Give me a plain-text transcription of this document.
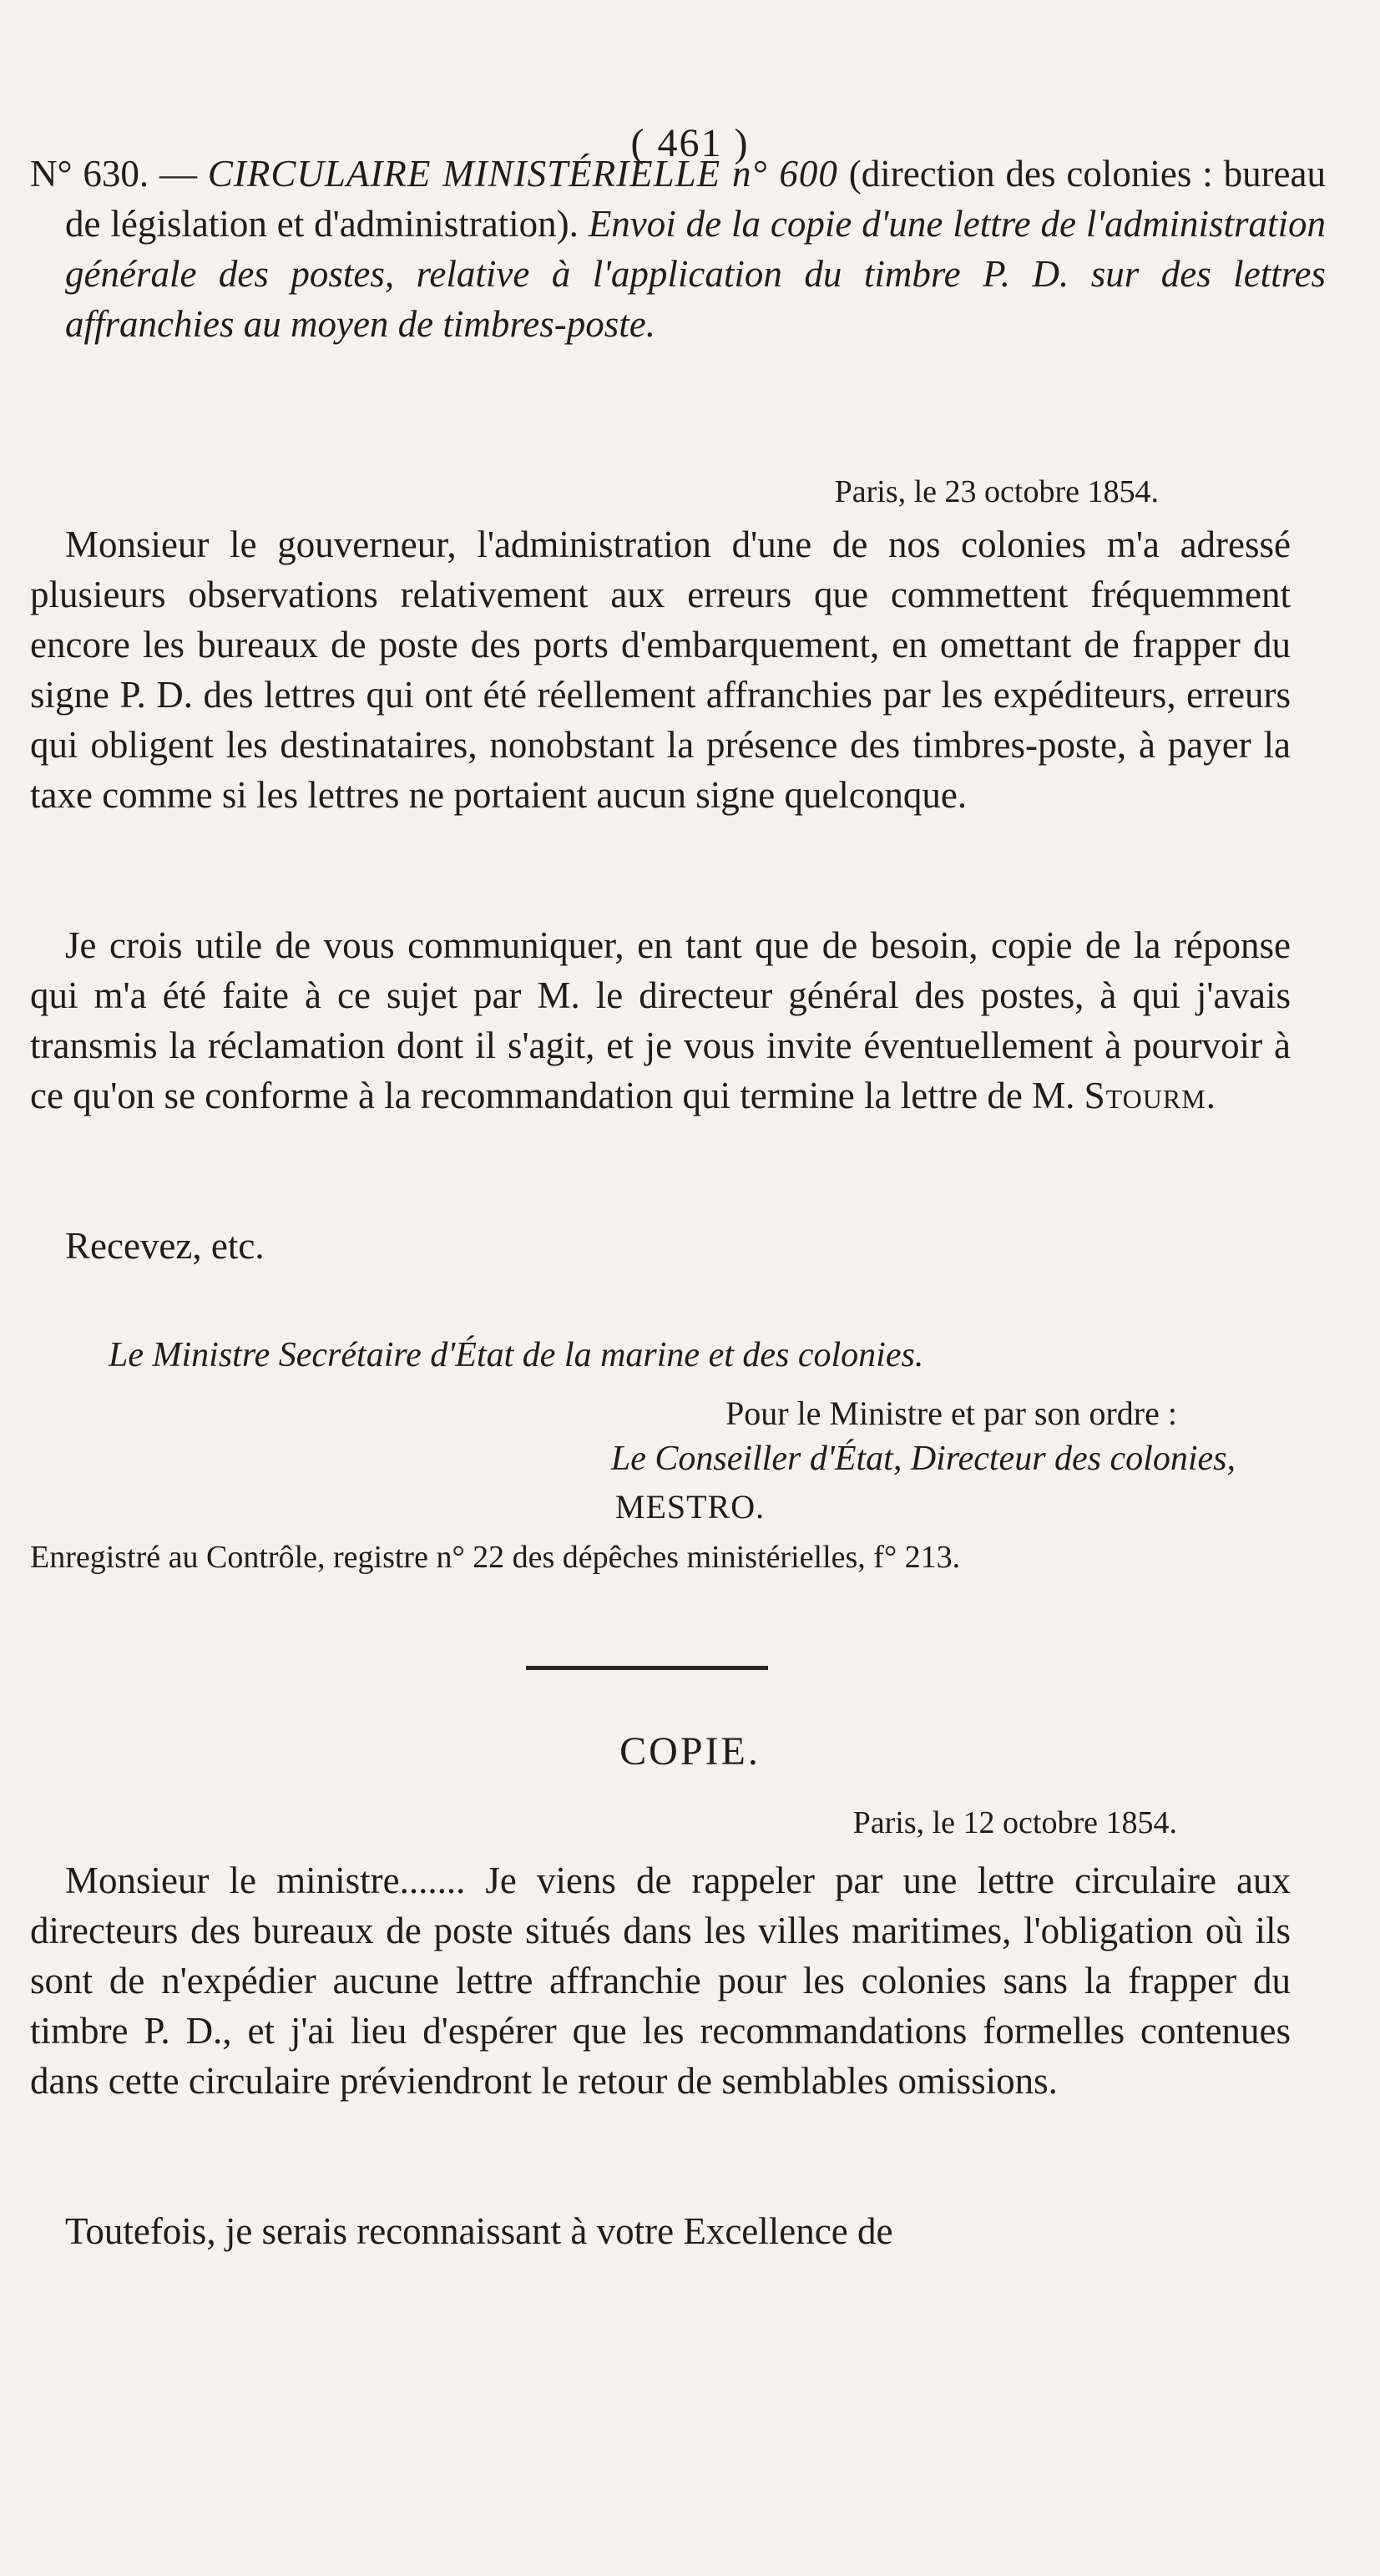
( 461 )
N° 630. — CIRCULAIRE MINISTÉRIELLE n° 600 (direction des colonies : bureau de législation et d'administration). Envoi de la copie d'une lettre de l'administration générale des postes, relative à l'application du timbre P. D. sur des lettres affranchies au moyen de timbres-poste.
Paris, le 23 octobre 1854.
Monsieur le gouverneur, l'administration d'une de nos colonies m'a adressé plusieurs observations relativement aux erreurs que commettent fréquemment encore les bureaux de poste des ports d'embarquement, en omettant de frapper du signe P. D. des lettres qui ont été réellement affranchies par les expéditeurs, erreurs qui obligent les destinataires, nonobstant la présence des timbres-poste, à payer la taxe comme si les lettres ne portaient aucun signe quelconque.
Je crois utile de vous communiquer, en tant que de besoin, copie de la réponse qui m'a été faite à ce sujet par M. le directeur général des postes, à qui j'avais transmis la réclamation dont il s'agit, et je vous invite éventuellement à pourvoir à ce qu'on se conforme à la recommandation qui termine la lettre de M. Stourm.
Recevez, etc.
Le Ministre Secrétaire d'État de la marine et des colonies.
Pour le Ministre et par son ordre :
Le Conseiller d'État, Directeur des colonies,
MESTRO.
Enregistré au Contrôle, registre n° 22 des dépêches ministérielles, f° 213.
COPIE.
Paris, le 12 octobre 1854.
Monsieur le ministre....... Je viens de rappeler par une lettre circulaire aux directeurs des bureaux de poste situés dans les villes maritimes, l'obligation où ils sont de n'expédier aucune lettre affranchie pour les colonies sans la frapper du timbre P. D., et j'ai lieu d'espérer que les recommandations formelles contenues dans cette circulaire préviendront le retour de semblables omissions.
Toutefois, je serais reconnaissant à votre Excellence de
